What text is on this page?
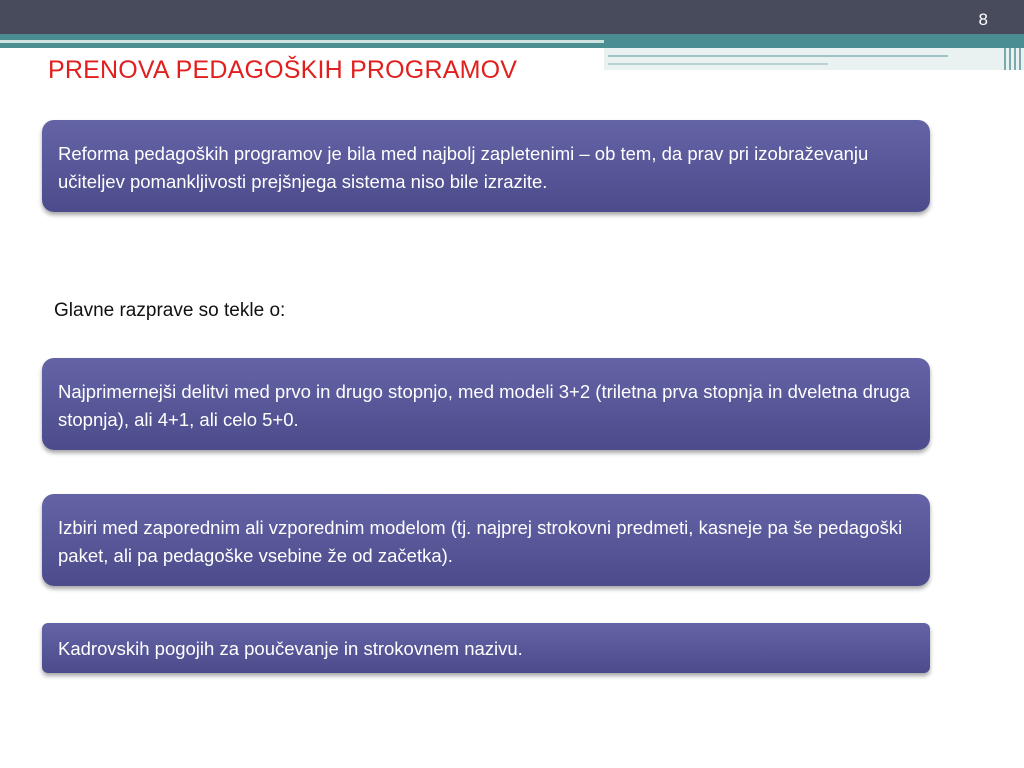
8
PRENOVA PEDAGOŠKIH PROGRAMOV
Reforma pedagoških programov je bila med najbolj zapletenimi – ob tem, da prav pri izobraževanju učiteljev pomankljivosti prejšnjega sistema niso bile izrazite.
Glavne razprave so tekle o:
Najprimernejši delitvi med prvo in drugo stopnjo, med modeli 3+2 (triletna prva stopnja in dveletna druga stopnja), ali 4+1, ali celo 5+0.
Izbiri med zaporednim ali vzporednim modelom (tj. najprej strokovni predmeti, kasneje pa še pedagoški paket, ali pa pedagoške vsebine že od začetka).
Kadrovskih pogojih za poučevanje in strokovnem nazivu.
